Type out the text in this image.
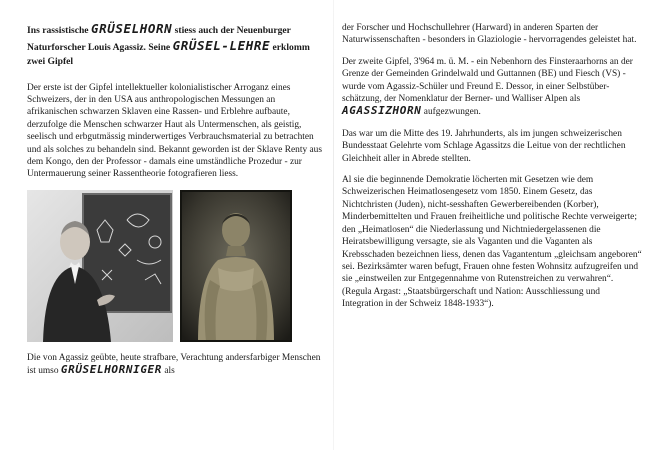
Ins rassistische GRÜSELHORN stiess auch der Neuenburger Naturforscher Louis Agassiz. Seine GRÜSEL-LEHRE erklomm zwei Gipfel

Der erste ist der Gipfel intellektueller kolonialistischer Arroganz eines Schweizers, der in den USA aus anthropologischen Messungen an afrikanischen schwarzen Sklaven eine Rassen- und Erblehre aufbaute, derzufolge die Menschen schwarzer Haut als Untermenschen, als geistig, seelisch und erbgutmässig minderwertiges Verbrauchsmaterial zu betrachten und als solches zu behandeln sind. Bekannt geworden ist der Sklave Renty aus dem Kongo, den der Professor - damals eine umständliche Prozedur - zur Untermauerung seiner Rassentheorie fotografieren liess.

Die von Agassiz geübte, heute strafbare, Verachtung andersfarbiger Menschen ist umso GRÜSELHORNIGER als

der Forscher und Hochschullehrer (Harward) in anderen Sparten der Naturwissenschaften - besonders in Glaziologie - hervorragendes geleistet hat.

Der zweite Gipfel, 3'964 m. ü. M. - ein Nebenhorn des Finsteraarhorns an der Grenze der Gemeinden Grindelwald und Guttannen (BE) und Fiesch (VS) - wurde vom Agassiz-Schüler und Freund E. Dessor, in einer Selbstüber-schätzung, der Nomenklatur der Berner- und Walliser Alpen als AGASSIZHORN aufgezwungen.

Das war um die Mitte des 19. Jahrhunderts, als im jungen schweizerischen Bundesstaat Gelehrte vom Schlage Agassitzs die Leitue von der rechtlichen Gleichheit aller in Abrede stellten.

Al sie die beginnende Demokratie löcherten mit Gesetzen wie dem Schweizerischen Heimatlosengesetz vom 1850. Einem Gesetz, das Nichtchristen (Juden), nicht-sesshaften Gewerbereibenden (Korber), Minderbemittelten und Frauen freiheitliche und politische Rechte verweigerte; den „Heimatlosen“ die Niederlassung und Nichtniedergelassenen die Heiratsbewilligung versagte, sie als Vaganten und die Vaganten als Krebsschaden bezeichnen liess, denen das Vagantentum „gleichsam angeboren“ sei. Bezirksämter waren befugt, Frauen ohne festen Wohnsitz aufzugreifen und sie „einstweilen zur Entgegennahme von Rutenstreichen zu verwahren“. (Regula Argast: „Staatsbürgerschaft und Nation: Ausschliessung und Integration in der Schweiz 1848-1933“).
